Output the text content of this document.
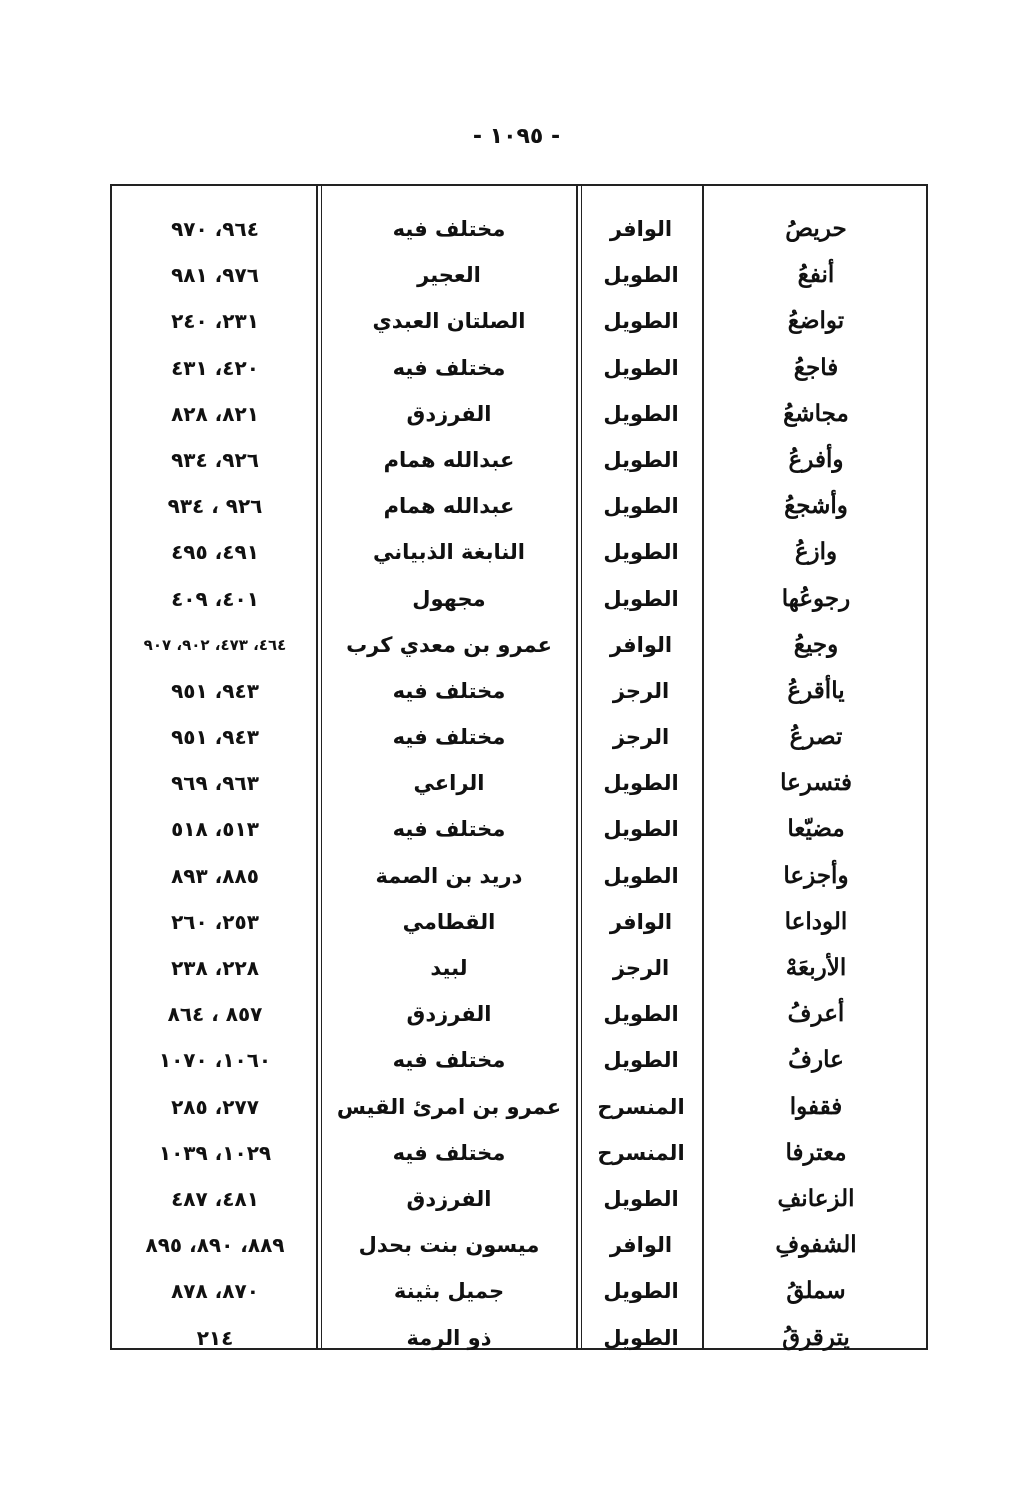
- ١٠٩٥ -
حريصُ
الوافر
مختلف فيه
٩٦٤، ٩٧٠
أنفعُ
الطويل
العجير
٩٧٦، ٩٨١
تواضعُ
الطويل
الصلتان العبدي
٢٣١، ٢٤٠
فاجعُ
الطويل
مختلف فيه
٤٢٠، ٤٣١
مجاشعُ
الطويل
الفرزدق
٨٢١، ٨٢٨
وأفرعُ
الطويل
عبدالله همام
٩٢٦، ٩٣٤
وأشجعُ
الطويل
عبدالله همام
٩٢٦ ، ٩٣٤
وازعُ
الطويل
النابغة الذبياني
٤٩١، ٤٩٥
رجوعُها
الطويل
مجهول
٤٠١، ٤٠٩
وجيعُ
الوافر
عمرو بن معدي كرب
٤٦٤، ٤٧٣، ٩٠٢، ٩٠٧
ياأقرعُ
الرجز
مختلف فيه
٩٤٣، ٩٥١
تصرعُ
الرجز
مختلف فيه
٩٤٣، ٩٥١
فتسرعا
الطويل
الراعي
٩٦٣، ٩٦٩
مضيّعا
الطويل
مختلف فيه
٥١٣، ٥١٨
وأجزعا
الطويل
دريد بن الصمة
٨٨٥، ٨٩٣
الوداعا
الوافر
القطامي
٢٥٣، ٢٦٠
الأربعَهْ
الرجز
لبيد
٢٢٨، ٢٣٨
أعرفُ
الطويل
الفرزدق
٨٥٧ ، ٨٦٤
عارفُ
الطويل
مختلف فيه
١٠٦٠، ١٠٧٠
فقفوا
المنسرح
عمرو بن امرئ القيس
٢٧٧، ٢٨٥
معترفا
المنسرح
مختلف فيه
١٠٢٩، ١٠٣٩
الزعانفِ
الطويل
الفرزدق
٤٨١، ٤٨٧
الشفوفِ
الوافر
ميسون بنت بحدل
٨٨٩، ٨٩٠، ٨٩٥
سملقُ
الطويل
جميل بثينة
٨٧٠، ٨٧٨
يترقرقُ
الطويل
ذو الرمة
٢١٤
